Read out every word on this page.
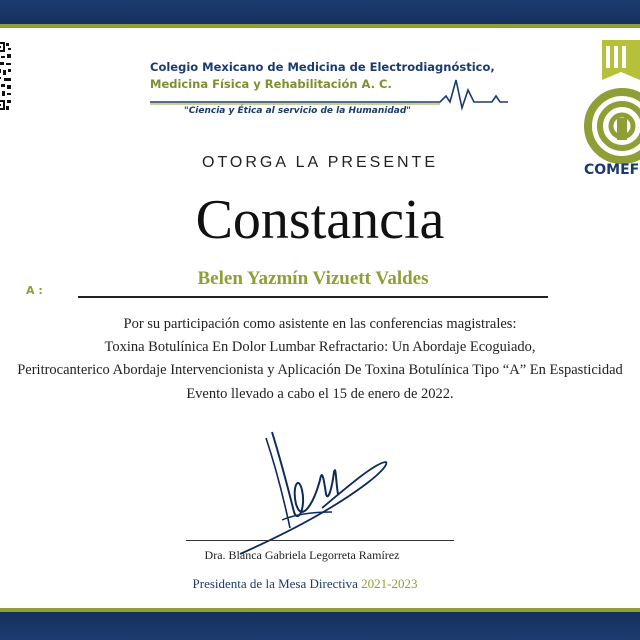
Colegio Mexicano de Medicina de Electrodiagnóstico,
Medicina Física y Rehabilitación A. C.
"Ciencia y Ética al servicio de la Humanidad"
COMEF
OTORGA LA PRESENTE
Constancia
A :
Belen Yazmín Vizuett Valdes
Por su participación como asistente en las conferencias magistrales:
Toxina Botulínica En Dolor Lumbar Refractario: Un Abordaje Ecoguiado,
Peritrocanterico Abordaje Intervencionista y Aplicación De Toxina Botulínica Tipo “A” En Espasticidad
Evento llevado a cabo el 15 de enero de 2022.
Dra. Blanca Gabriela Legorreta Ramírez
Presidenta de la Mesa Directiva 2021-2023
